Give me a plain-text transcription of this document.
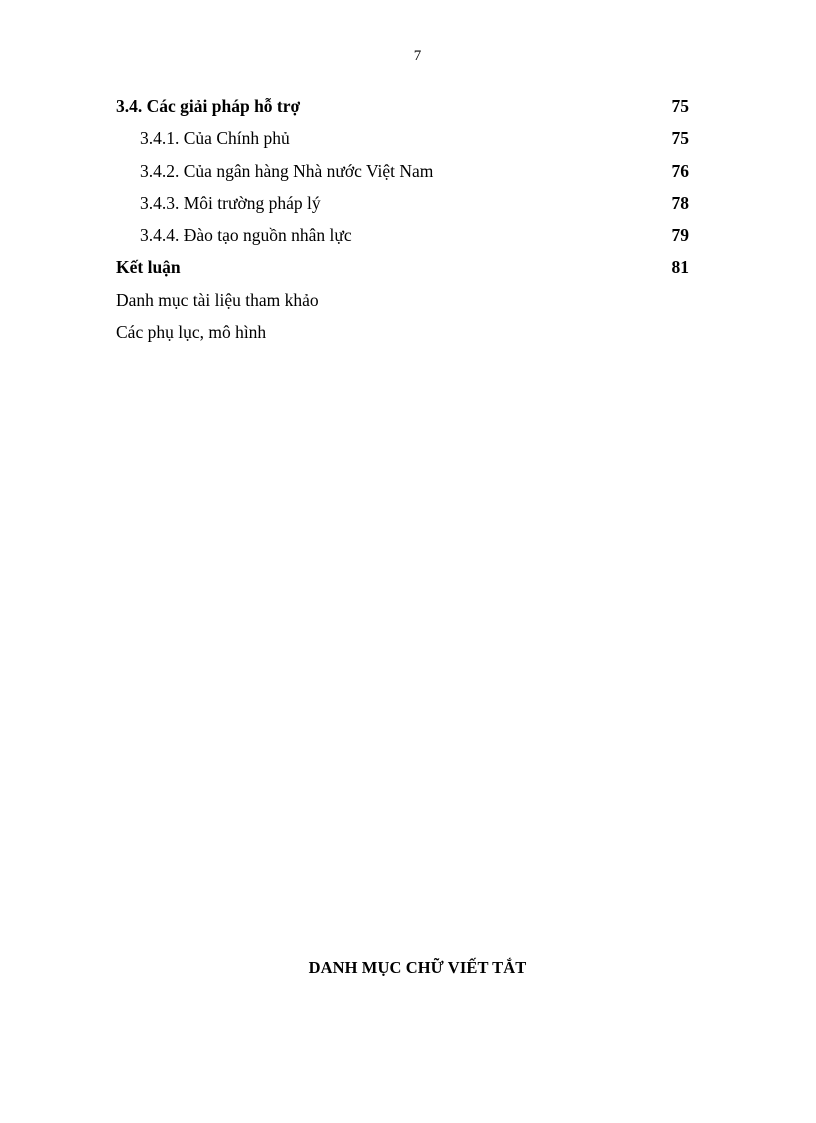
7
3.4. Các giải pháp hỗ trợ	75
3.4.1. Của Chính phủ	75
3.4.2. Của ngân hàng Nhà nước Việt Nam	76
3.4.3. Môi trường pháp lý	78
3.4.4. Đào tạo nguồn nhân lực	79
Kết luận	81
Danh mục tài liệu tham khảo
Các phụ lục, mô hình
DANH MỤC CHỮ VIẾT TẮT
